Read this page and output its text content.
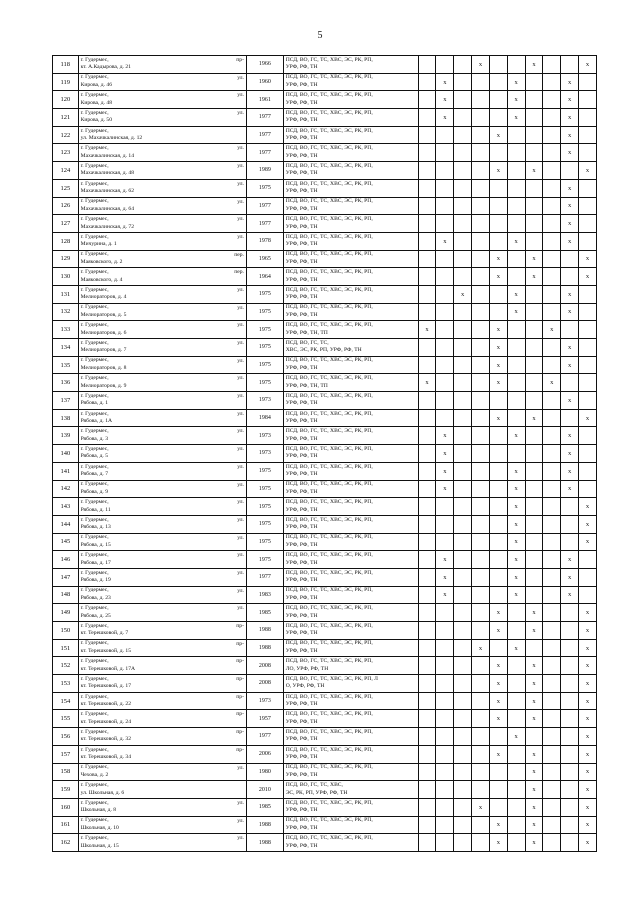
5
118	г. Гудермес, пр-
кт. А.Кадырова, д. 21	1966	ПСД, ВО, ГС, ТС, ХВС, ЭС, РК, РП,
УРФ, РФ, ТН				x			x			x
119	г. Гудермес, ул.
Кирова, д. 46	1960	ПСД, ВО, ГС, ТС, ХВС, ЭС, РК, РП,
УРФ, РФ, ТН		x				x			x	
120	г. Гудермес, ул.
Кирова, д. 48	1961	ПСД, ВО, ГС, ТС, ХВС, ЭС, РК, РП,
УРФ, РФ, ТН		x				x			x	
121	г. Гудермес, ул.
Кирова, д. 50	1977	ПСД, ВО, ГС, ТС, ХВС, ЭС, РК, РП,
УРФ, РФ, ТН		x				x			x	
122	г. Гудермес,
ул. Махачкалинская, д. 12	1977	ПСД, ВО, ГС, ТС, ХВС, ЭС, РК, РП,
УРФ, РФ, ТН					x				x	
123	г. Гудермес, ул.
Махачкалинская, д. 14	1977	ПСД, ВО, ГС, ТС, ХВС, ЭС, РК, РП,
УРФ, РФ, ТН									x	
124	г. Гудермес, ул.
Махачкалинская, д. 48	1989	ПСД, ВО, ГС, ТС, ХВС, ЭС, РК, РП,
УРФ, РФ, ТН					x		x			x
125	г. Гудермес, ул.
Махачкалинская, д. 62	1975	ПСД, ВО, ГС, ТС, ХВС, ЭС, РК, РП,
УРФ, РФ, ТН									x	
126	г. Гудермес, ул.
Махачкалинская, д. 64	1977	ПСД, ВО, ГС, ТС, ХВС, ЭС, РК, РП,
УРФ, РФ, ТН									x	
127	г. Гудермес, ул.
Махачкалинская, д. 72	1977	ПСД, ВО, ГС, ТС, ХВС, ЭС, РК, РП,
УРФ, РФ, ТН									x	
128	г. Гудермес, ул.
Мичурина, д. 1	1978	ПСД, ВО, ГС, ТС, ХВС, ЭС, РК, РП,
УРФ, РФ, ТН		x				x			x	
129	г. Гудермес, пер.
Маяковского, д. 2	1965	ПСД, ВО, ГС, ТС, ХВС, ЭС, РК, РП,
УРФ, РФ, ТН					x		x			x
130	г. Гудермес, пер.
Маяковского, д. 4	1964	ПСД, ВО, ГС, ТС, ХВС, ЭС, РК, РП,
УРФ, РФ, ТН					x		x			x
131	г. Гудермес, ул.
Мелиораторов, д. 4	1975	ПСД, ВО, ГС, ТС, ХВС, ЭС, РК, РП,
УРФ, РФ, ТН			x			x			x	
132	г. Гудермес, ул.
Мелиораторов, д. 5	1975	ПСД, ВО, ГС, ТС, ХВС, ЭС, РК, РП,
УРФ, РФ, ТН						x			x	
133	г. Гудермес, ул.
Мелиораторов, д. 6	1975	ПСД, ВО, ГС, ТС, ХВС, ЭС, РК, РП,
УРФ, РФ, ТН, ТП	x				x			x		
134	г. Гудермес, ул.
Мелиораторов, д. 7	1975	ПСД, ВО, ГС, ТС,
ХВС, ЭС, РК, РП, УРФ, РФ, ТН					x				x	
135	г. Гудермес, ул.
Мелиораторов, д. 8	1975	ПСД, ВО, ГС, ТС, ХВС, ЭС, РК, РП,
УРФ, РФ, ТН					x				x	
136	г. Гудермес, ул.
Мелиораторов, д. 9	1975	ПСД, ВО, ГС, ТС, ХВС, ЭС, РК, РП,
УРФ, РФ, ТН, ТП	x				x			x		
137	г. Гудермес, ул.
Рябова, д. 1	1973	ПСД, ВО, ГС, ТС, ХВС, ЭС, РК, РП,
УРФ, РФ, ТН									x	
138	г. Гудермес, ул.
Рябова, д. 1А	1984	ПСД, ВО, ГС, ТС, ХВС, ЭС, РК, РП,
УРФ, РФ, ТН					x		x			x
139	г. Гудермес, ул.
Рябова, д. 3	1973	ПСД, ВО, ГС, ТС, ХВС, ЭС, РК, РП,
УРФ, РФ, ТН		x				x			x	
140	г. Гудермес, ул.
Рябова, д. 5	1973	ПСД, ВО, ГС, ТС, ХВС, ЭС, РК, РП,
УРФ, РФ, ТН		x							x	
141	г. Гудермес, ул.
Рябова, д. 7	1975	ПСД, ВО, ГС, ТС, ХВС, ЭС, РК, РП,
УРФ, РФ, ТН		x				x			x	
142	г. Гудермес, ул.
Рябова, д. 9	1975	ПСД, ВО, ГС, ТС, ХВС, ЭС, РК, РП,
УРФ, РФ, ТН		x				x			x	
143	г. Гудермес, ул.
Рябова, д. 11	1975	ПСД, ВО, ГС, ТС, ХВС, ЭС, РК, РП,
УРФ, РФ, ТН						x				x
144	г. Гудермес, ул.
Рябова, д. 13	1975	ПСД, ВО, ГС, ТС, ХВС, ЭС, РК, РП,
УРФ, РФ, ТН						x				x
145	г. Гудермес, ул.
Рябова, д. 15	1975	ПСД, ВО, ГС, ТС, ХВС, ЭС, РК, РП,
УРФ, РФ, ТН						x				x
146	г. Гудермес, ул.
Рябова, д. 17	1975	ПСД, ВО, ГС, ТС, ХВС, ЭС, РК, РП,
УРФ, РФ, ТН		x				x			x	
147	г. Гудермес, ул.
Рябова, д. 19	1977	ПСД, ВО, ГС, ТС, ХВС, ЭС, РК, РП,
УРФ, РФ, ТН		x				x			x	
148	г. Гудермес, ул.
Рябова, д. 23	1983	ПСД, ВО, ГС, ТС, ХВС, ЭС, РК, РП,
УРФ, РФ, ТН		x				x			x	
149	г. Гудермес, ул.
Рябова, д. 25	1985	ПСД, ВО, ГС, ТС, ХВС, ЭС, РК, РП,
УРФ, РФ, ТН					x		x			x
150	г. Гудермес, пр-
кт. Терешковой, д. 7	1988	ПСД, ВО, ГС, ТС, ХВС, ЭС, РК, РП,
УРФ, РФ, ТН					x		x			x
151	г. Гудермес, пр-
кт. Терешковой, д. 15	1988	ПСД, ВО, ГС, ТС, ХВС, ЭС, РК, РП,
УРФ, РФ, ТН				x		x				x
152	г. Гудермес, пр-
кт. Терешковой, д. 17А	2008	ПСД, ВО, ГС, ТС, ХВС, ЭС, РК, РП,
ЛО, УРФ, РФ, ТН					x		x			x
153	г. Гудермес, пр-
кт. Терешковой, д. 17	2008	ПСД, ВО, ГС, ТС, ХВС, ЭС, РК, РП, Л
О, УРФ, РФ, ТН					x		x			x
154	г. Гудермес, пр-
кт. Терешковой, д. 22	1973	ПСД, ВО, ГС, ТС, ХВС, ЭС, РК, РП,
УРФ, РФ, ТН					x		x			x
155	г. Гудермес, пр-
кт. Терешковой, д. 24	1957	ПСД, ВО, ГС, ТС, ХВС, ЭС, РК, РП,
УРФ, РФ, ТН					x		x			x
156	г. Гудермес, пр-
кт. Терешковой, д. 32	1977	ПСД, ВО, ГС, ТС, ХВС, ЭС, РК, РП,
УРФ, РФ, ТН						x				x
157	г. Гудермес, пр-
кт. Терешковой, д. 34	2006	ПСД, ВО, ГС, ТС, ХВС, ЭС, РК, РП,
УРФ, РФ, ТН					x		x			x
158	г. Гудермес, ул.
Чехова, д. 2	1980	ПСД, ВО, ГС, ТС, ХВС, ЭС, РК, РП,
УРФ, РФ, ТН							x			x
159	г. Гудермес,
ул. Школьная, д. 6	2010	ПСД, ВО, ГС, ТС, ХВС,
ЭС, РК, РП, УРФ, РФ, ТН							x			x
160	г. Гудермес, ул.
Школьная, д. 8	1985	ПСД, ВО, ГС, ТС, ХВС, ЭС, РК, РП,
УРФ, РФ, ТН				x			x			x
161	г. Гудермес, ул.
Школьная, д. 10	1988	ПСД, ВО, ГС, ТС, ХВС, ЭС, РК, РП,
УРФ, РФ, ТН					x		x			x
162	г. Гудермес, ул.
Школьная, д. 15	1988	ПСД, ВО, ГС, ТС, ХВС, ЭС, РК, РП,
УРФ, РФ, ТН					x		x			x
